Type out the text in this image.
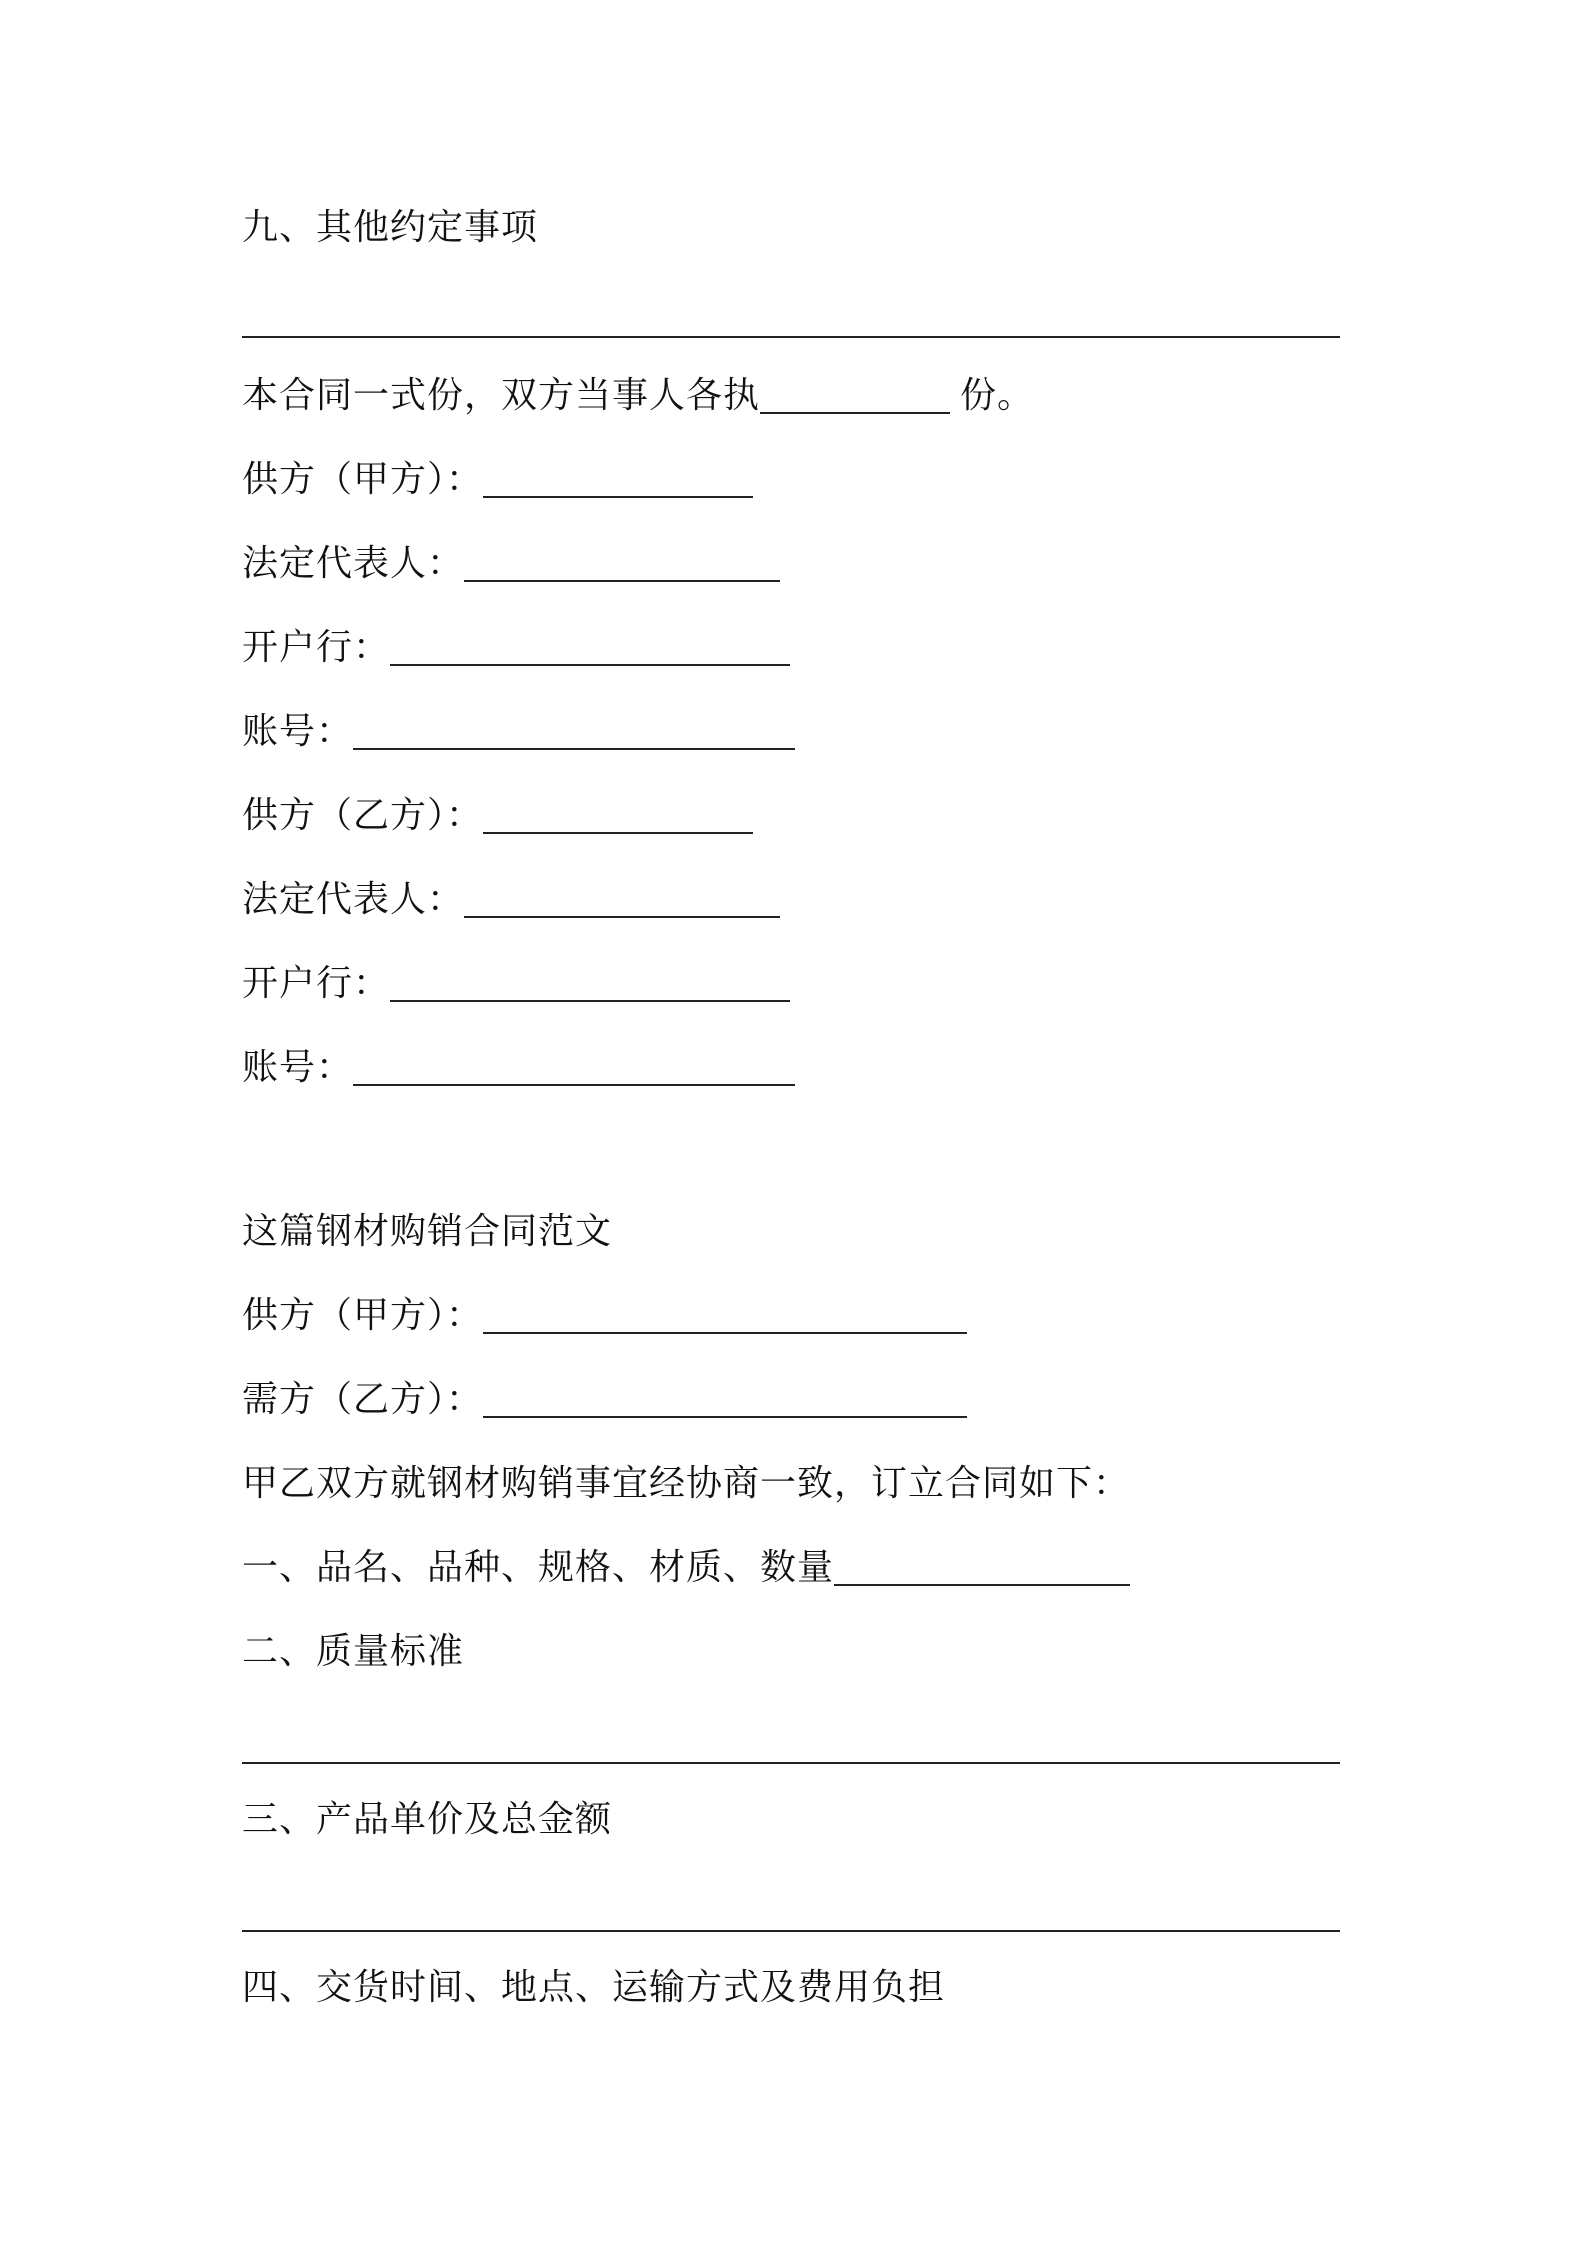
九、其他约定事项
本合同一式份，双方当事人各执	份。
供方（甲方）：
法定代表人：
开户行：
账号：
供方（乙方）：
法定代表人：
开户行：
账号：
这篇钢材购销合同范文
供方（甲方）：
需方（乙方）：
甲乙双方就钢材购销事宜经协商一致，订立合同如下：
一、品名、品种、规格、材质、数量
二、质量标准
三、产品单价及总金额
四、交货时间、地点、运输方式及费用负担
